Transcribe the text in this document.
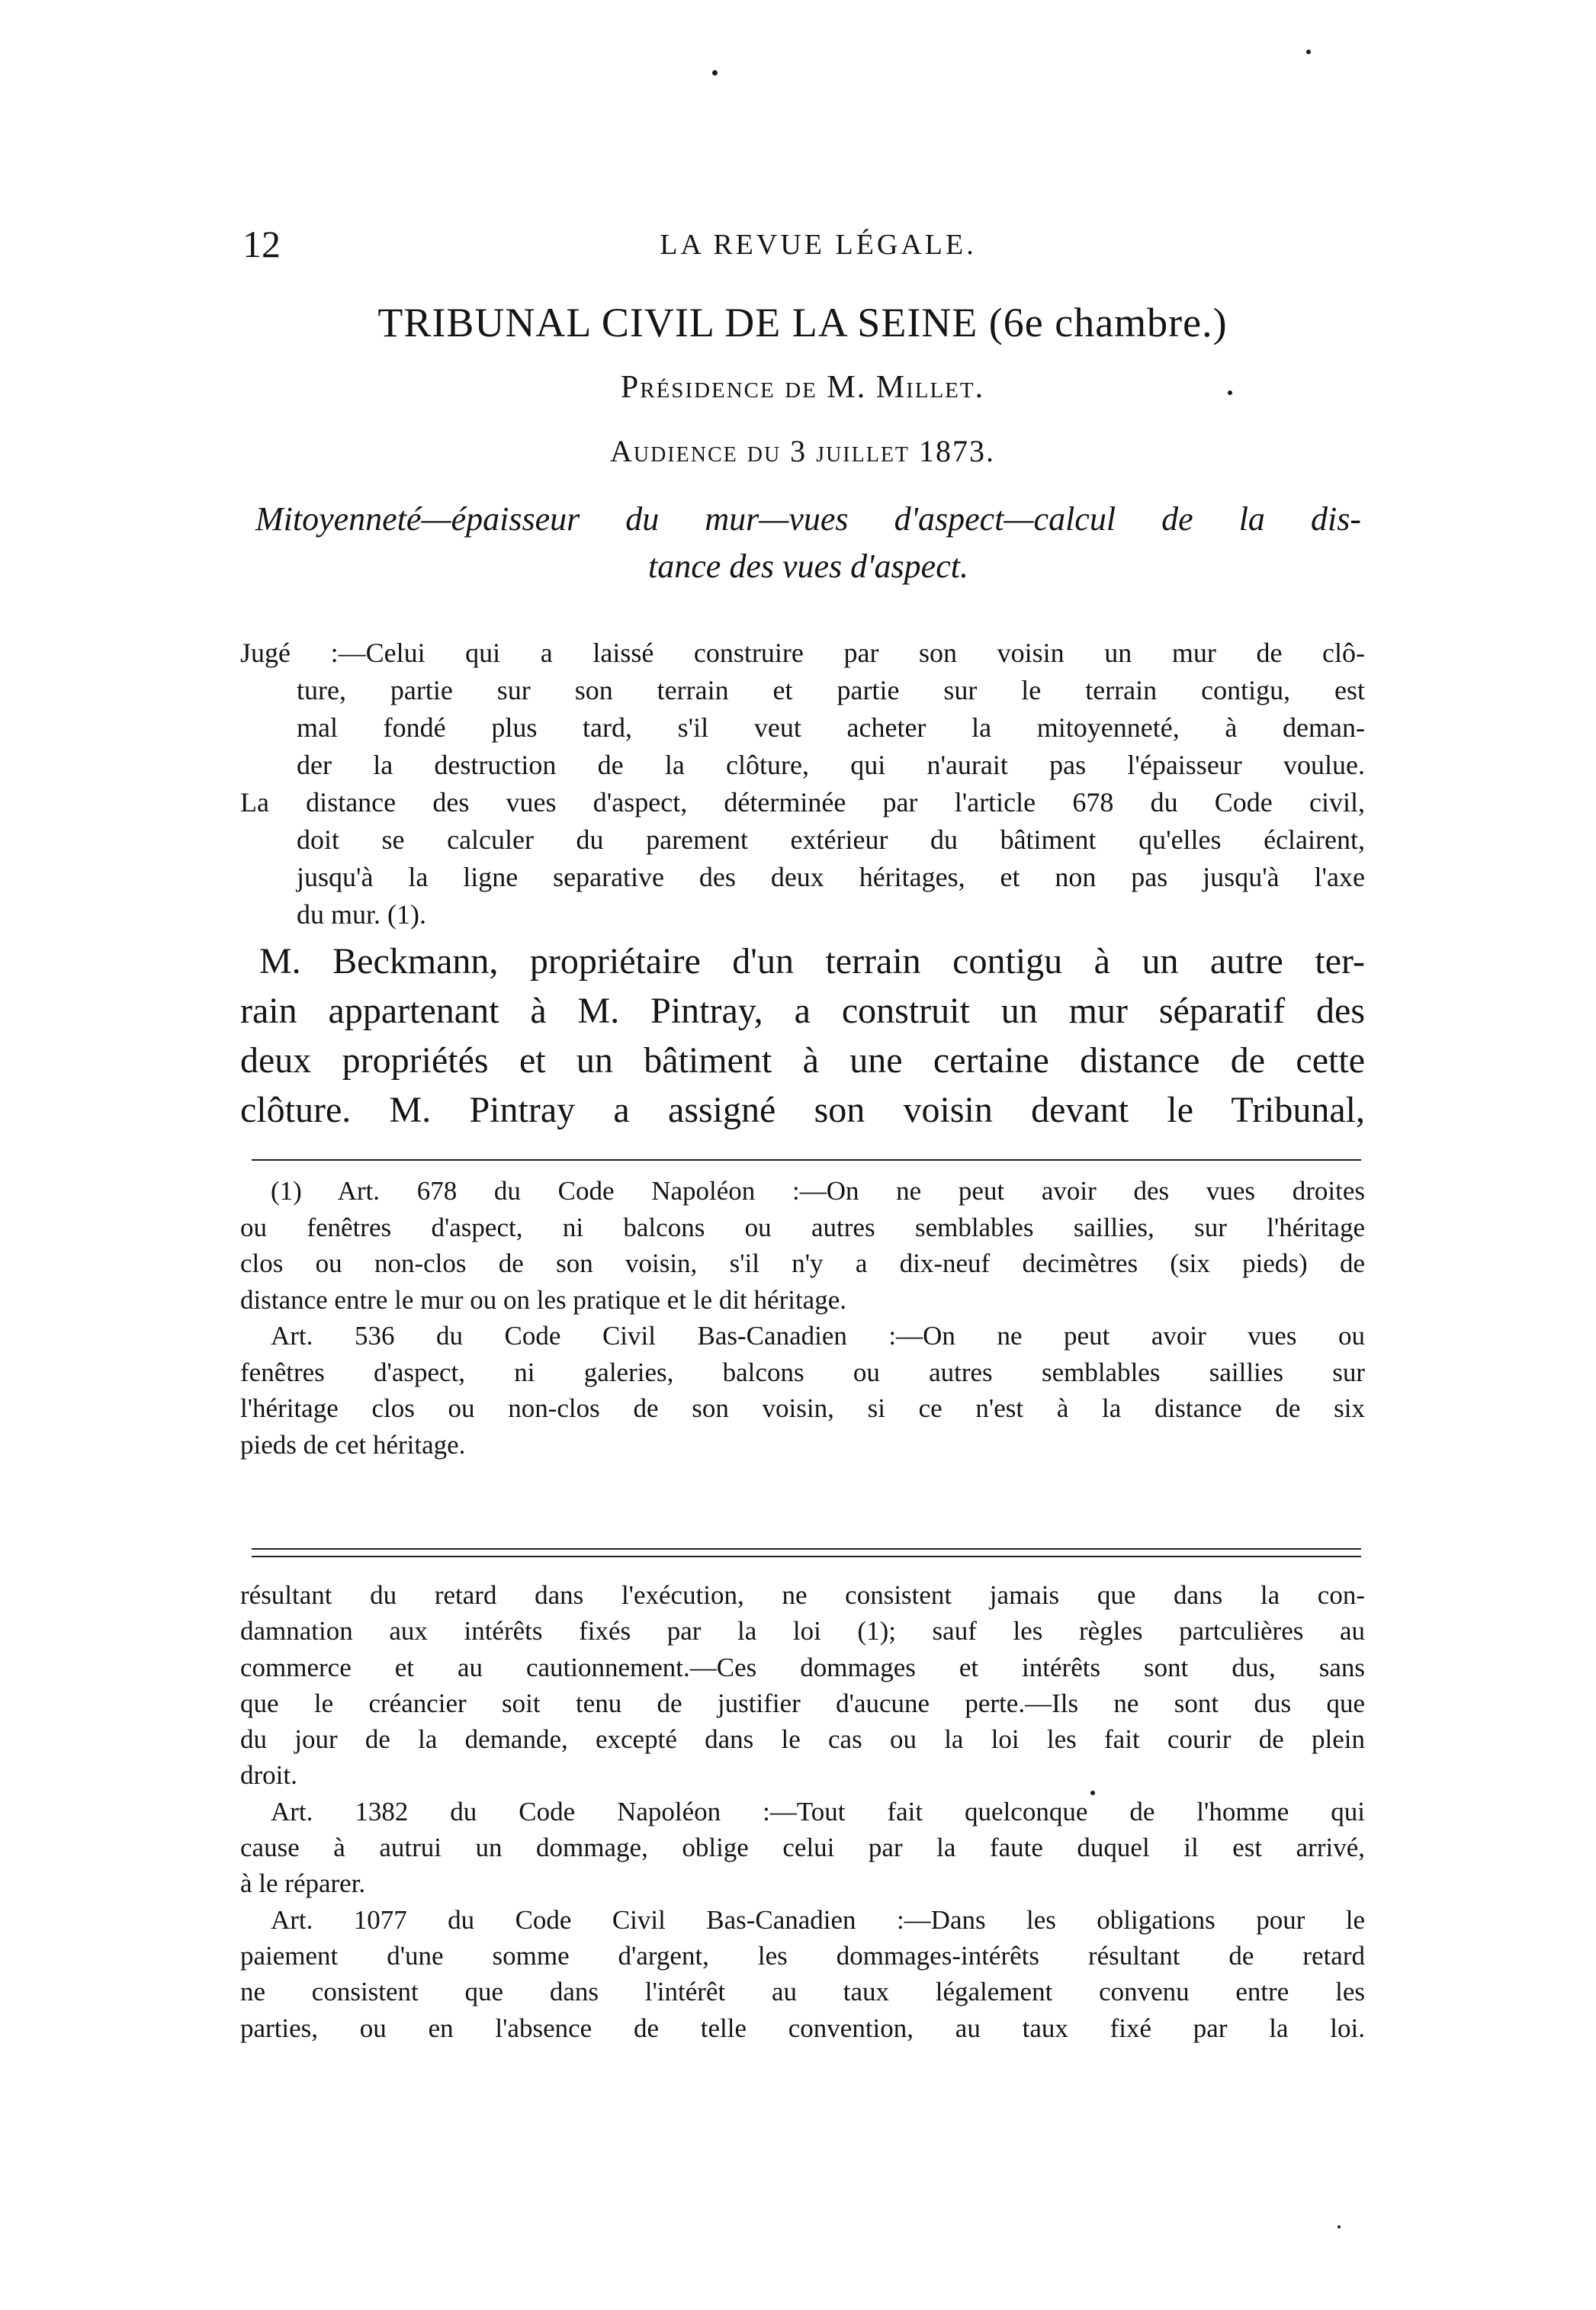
12	LA REVUE LÉGALE.
TRIBUNAL CIVIL DE LA SEINE (6e chambre.)
Présidence de M. Millet.
Audience du 3 juillet 1873.
Mitoyenneté—épaisseur du mur—vues d'aspect—calcul de la dis-
tance des vues d'aspect.
Jugé :—Celui qui a laissé construire par son voisin un mur de clô-
ture, partie sur son terrain et partie sur le terrain contigu, est
mal fondé plus tard, s'il veut acheter la mitoyenneté, à deman-
der la destruction de la clôture, qui n'aurait pas l'épaisseur voulue.
La distance des vues d'aspect, déterminée par l'article 678 du Code civil,
doit se calculer du parement extérieur du bâtiment qu'elles éclairent,
jusqu'à la ligne separative des deux héritages, et non pas jusqu'à l'axe
du mur. (1).
M. Beckmann, propriétaire d'un terrain contigu à un autre ter-
rain appartenant à M. Pintray, a construit un mur séparatif des
deux propriétés et un bâtiment à une certaine distance de cette
clôture. M. Pintray a assigné son voisin devant le Tribunal,
(1) Art. 678 du Code Napoléon :—On ne peut avoir des vues droites
ou fenêtres d'aspect, ni balcons ou autres semblables saillies, sur l'héritage
clos ou non-clos de son voisin, s'il n'y a dix-neuf decimètres (six pieds) de
distance entre le mur ou on les pratique et le dit héritage.
Art. 536 du Code Civil Bas-Canadien :—On ne peut avoir vues ou
fenêtres d'aspect, ni galeries, balcons ou autres semblables saillies sur
l'héritage clos ou non-clos de son voisin, si ce n'est à la distance de six
pieds de cet héritage.
résultant du retard dans l'exécution, ne consistent jamais que dans la con-
damnation aux intérêts fixés par la loi (1); sauf les règles partculières au
commerce et au cautionnement.—Ces dommages et intérêts sont dus, sans
que le créancier soit tenu de justifier d'aucune perte.—Ils ne sont dus que
du jour de la demande, excepté dans le cas ou la loi les fait courir de plein
droit.
Art. 1382 du Code Napoléon :—Tout fait quelconque de l'homme qui
cause à autrui un dommage, oblige celui par la faute duquel il est arrivé,
à le réparer.
Art. 1077 du Code Civil Bas-Canadien :—Dans les obligations pour le
paiement d'une somme d'argent, les dommages-intérêts résultant de retard
ne consistent que dans l'intérêt au taux légalement convenu entre les
parties, ou en l'absence de telle convention, au taux fixé par la loi.
